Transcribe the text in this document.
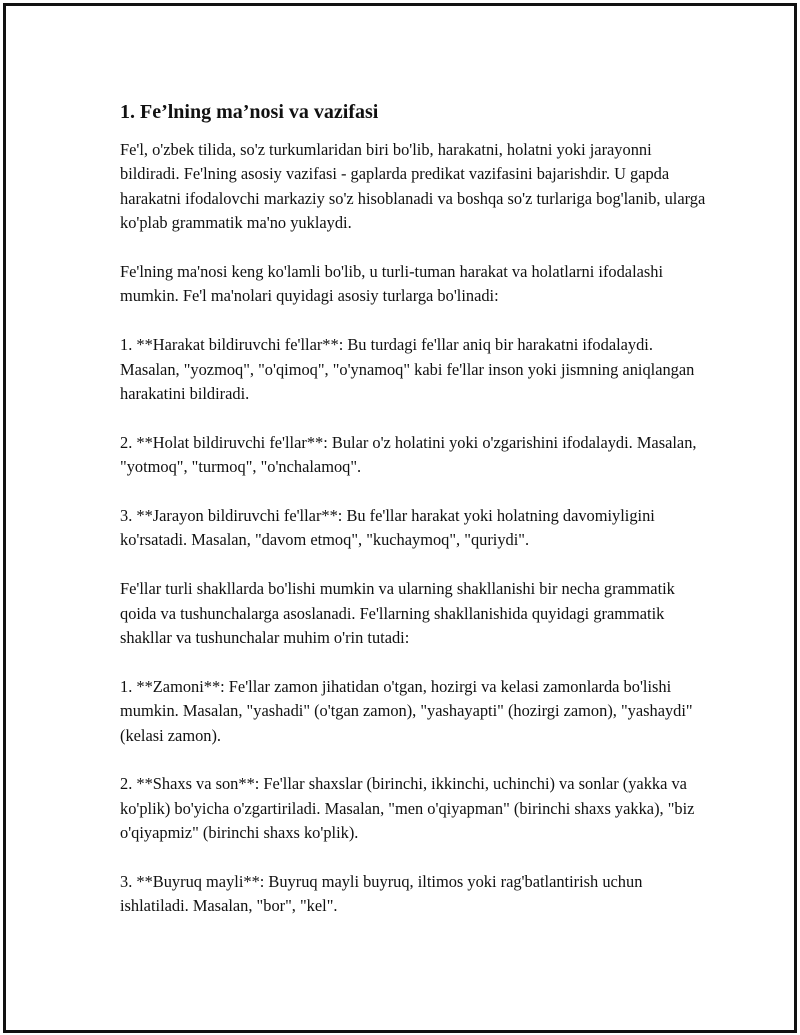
1. Fe’lning ma’nosi va vazifasi

Fe'l, o'zbek tilida, so'z turkumlaridan biri bo'lib, harakatni, holatni yoki jarayonni bildiradi. Fe'lning asosiy vazifasi - gaplarda predikat vazifasini bajarishdir. U gapda harakatni ifodalovchi markaziy so'z hisoblanadi va boshqa so'z turlariga bog'lanib, ularga ko'plab grammatik ma'no yuklaydi.

Fe'lning ma'nosi keng ko'lamli bo'lib, u turli-tuman harakat va holatlarni ifodalashi mumkin. Fe'l ma'nolari quyidagi asosiy turlarga bo'linadi:

1. **Harakat bildiruvchi fe'llar**: Bu turdagi fe'llar aniq bir harakatni ifodalaydi. Masalan, "yozmoq", "o'qimoq", "o'ynamoq" kabi fe'llar inson yoki jismning aniqlangan harakatini bildiradi.

2. **Holat bildiruvchi fe'llar**: Bular o'z holatini yoki o'zgarishini ifodalaydi. Masalan, "yotmoq", "turmoq", "o'nchalamoq".

3. **Jarayon bildiruvchi fe'llar**: Bu fe'llar harakat yoki holatning davomiyligini ko'rsatadi. Masalan, "davom etmoq", "kuchaymoq", "quriydi".

Fe'llar turli shakllarda bo'lishi mumkin va ularning shakllanishi bir necha grammatik qoida va tushunchalarga asoslanadi. Fe'llarning shakllanishida quyidagi grammatik shakllar va tushunchalar muhim o'rin tutadi:

1. **Zamoni**: Fe'llar zamon jihatidan o'tgan, hozirgi va kelasi zamonlarda bo'lishi mumkin. Masalan, "yashadi" (o'tgan zamon), "yashayapti" (hozirgi zamon), "yashaydi" (kelasi zamon).

2. **Shaxs va son**: Fe'llar shaxslar (birinchi, ikkinchi, uchinchi) va sonlar (yakka va ko'plik) bo'yicha o'zgartiriladi. Masalan, "men o'qiyapman" (birinchi shaxs yakka), "biz o'qiyapmiz" (birinchi shaxs ko'plik).

3. **Buyruq mayli**: Buyruq mayli buyruq, iltimos yoki rag'batlantirish uchun ishlatiladi. Masalan, "bor", "kel".
